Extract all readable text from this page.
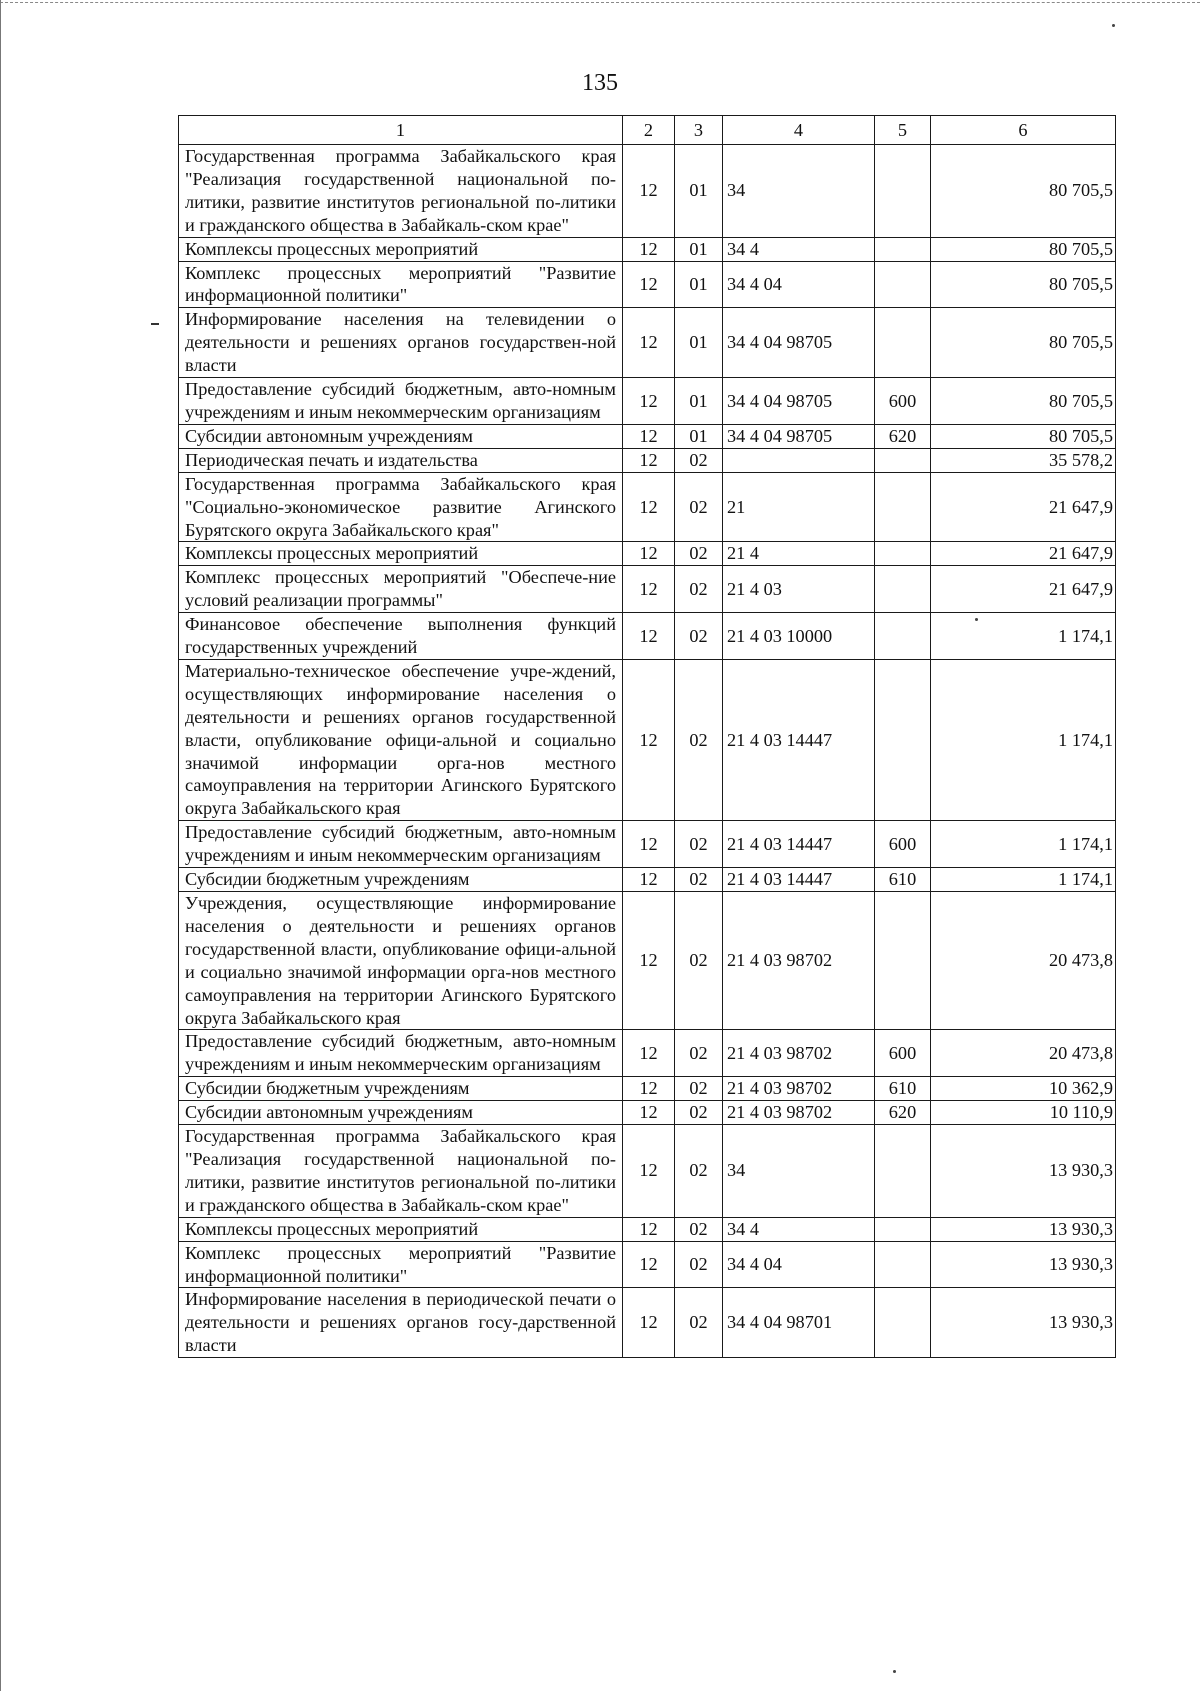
135
1	2	3	4	5	6
Государственная программа Забайкальского края "Реализация государственной национальной по-литики, развитие институтов региональной по-литики и гражданского общества в Забайкаль-ском крае"	12	01	34		80 705,5
Комплексы процессных мероприятий	12	01	34 4		80 705,5
Комплекс процессных мероприятий "Развитие информационной политики"	12	01	34 4 04		80 705,5
Информирование населения на телевидении о деятельности и решениях органов государствен-ной власти	12	01	34 4 04 98705		80 705,5
Предоставление субсидий бюджетным, авто-номным учреждениям и иным некоммерческим организациям	12	01	34 4 04 98705	600	80 705,5
Субсидии автономным учреждениям	12	01	34 4 04 98705	620	80 705,5
Периодическая печать и издательства	12	02			35 578,2
Государственная программа Забайкальского края "Социально-экономическое развитие Агинского Бурятского округа Забайкальского края"	12	02	21		21 647,9
Комплексы процессных мероприятий	12	02	21 4		21 647,9
Комплекс процессных мероприятий "Обеспече-ние условий реализации программы"	12	02	21 4 03		21 647,9
Финансовое обеспечение выполнения функций государственных учреждений	12	02	21 4 03 10000		1 174,1
Материально-техническое обеспечение учре-ждений, осуществляющих информирование населения о деятельности и решениях органов государственной власти, опубликование офици-альной и социально значимой информации орга-нов местного самоуправления на территории Агинского Бурятского округа Забайкальского края	12	02	21 4 03 14447		1 174,1
Предоставление субсидий бюджетным, авто-номным учреждениям и иным некоммерческим организациям	12	02	21 4 03 14447	600	1 174,1
Субсидии бюджетным учреждениям	12	02	21 4 03 14447	610	1 174,1
Учреждения, осуществляющие информирование населения о деятельности и решениях органов государственной власти, опубликование офици-альной и социально значимой информации орга-нов местного самоуправления на территории Агинского Бурятского округа Забайкальского края	12	02	21 4 03 98702		20 473,8
Предоставление субсидий бюджетным, авто-номным учреждениям и иным некоммерческим организациям	12	02	21 4 03 98702	600	20 473,8
Субсидии бюджетным учреждениям	12	02	21 4 03 98702	610	10 362,9
Субсидии автономным учреждениям	12	02	21 4 03 98702	620	10 110,9
Государственная программа Забайкальского края "Реализация государственной национальной по-литики, развитие институтов региональной по-литики и гражданского общества в Забайкаль-ском крае"	12	02	34		13 930,3
Комплексы процессных мероприятий	12	02	34 4		13 930,3
Комплекс процессных мероприятий "Развитие информационной политики"	12	02	34 4 04		13 930,3
Информирование населения в периодической печати о деятельности и решениях органов госу-дарственной власти	12	02	34 4 04 98701		13 930,3
